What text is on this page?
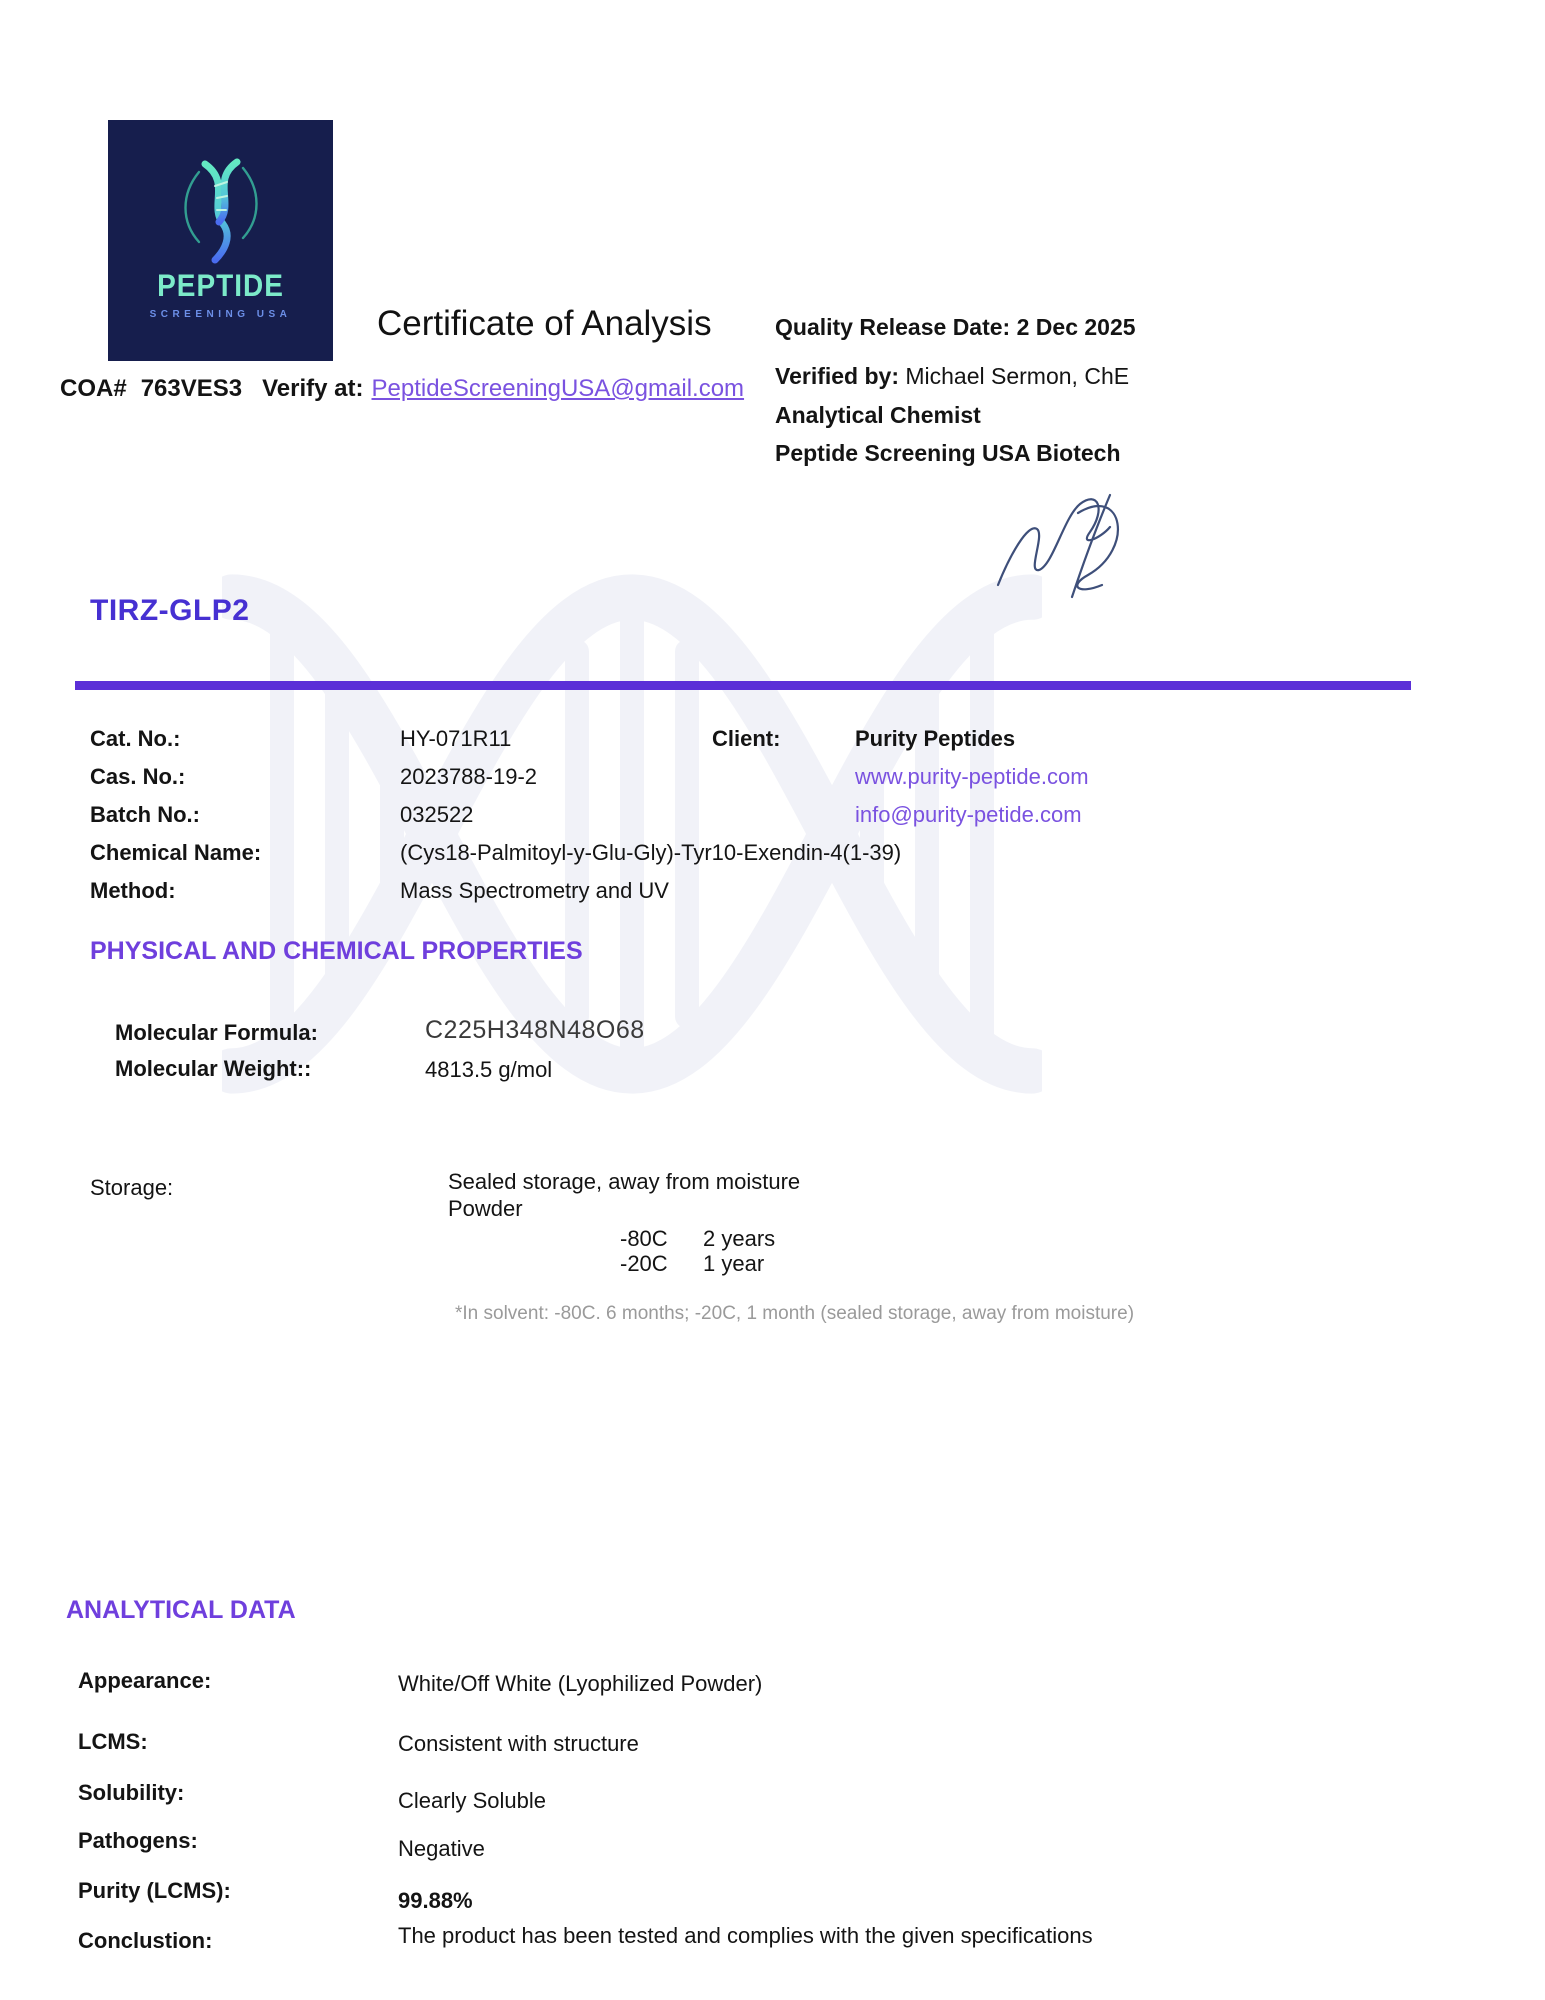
PEPTIDE
SCREENING USA	Certificate of Analysis	Quality Release Date: 2 Dec 2025
Verified by: Michael Sermon, ChE
Analytical Chemist
Peptide Screening USA Biotech
COA# 763VES3 Verify at: PeptideScreeningUSA@gmail.com
TIRZ-GLP2
Cat. No.:	HY-071R11
Cas. No.:	2023788-19-2
Batch No.:	032522
Chemical Name:	(Cys18-Palmitoyl-y-Glu-Gly)-Tyr10-Exendin-4(1-39)
Method:	Mass Spectrometry and UV
Client:	Purity Peptides
www.purity-peptide.com
info@purity-petide.com
PHYSICAL AND CHEMICAL PROPERTIES
Molecular Formula:	C225H348N48O68
Molecular Weight::	4813.5 g/mol
Storage:	Sealed storage, away from moisture
Powder
-80C 2 years
-20C 1 year
*In solvent: -80C. 6 months; -20C, 1 month (sealed storage, away from moisture)
ANALYTICAL DATA
Appearance:	White/Off White (Lyophilized Powder)
LCMS:	Consistent with structure
Solubility:	Clearly Soluble
Pathogens:	Negative
Purity (LCMS):	99.88%
Conclustion:	The product has been tested and complies with the given specifications
